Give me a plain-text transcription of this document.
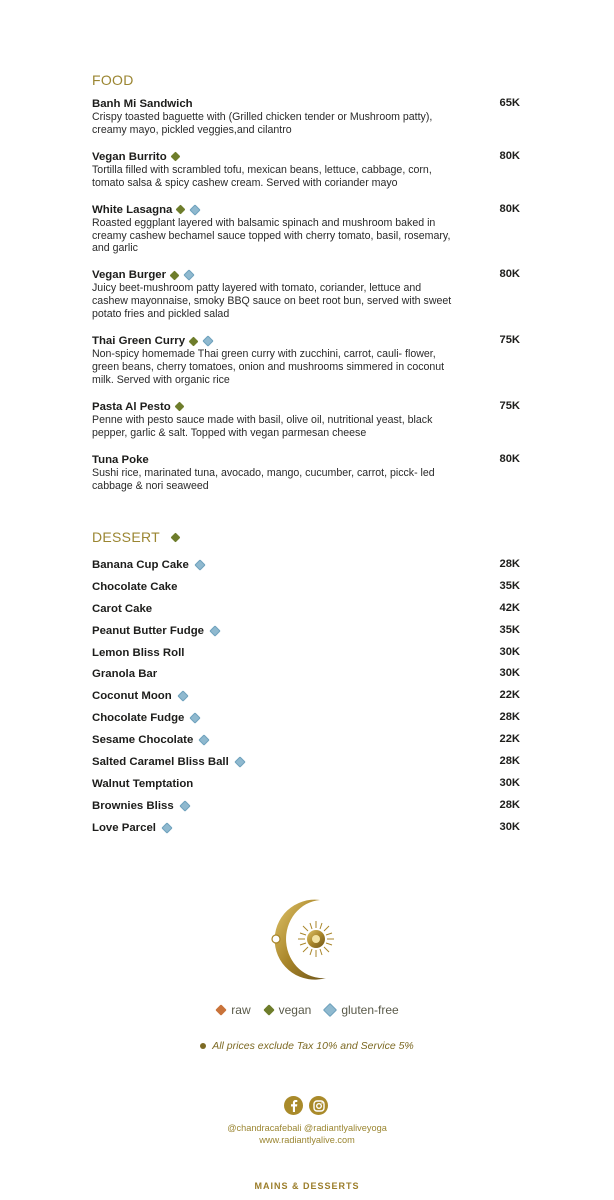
FOOD
Banh Mi Sandwich
Crispy toasted baguette with (Grilled chicken tender or Mushroom patty), creamy mayo, pickled veggies,and cilantro
65K
Vegan Burrito
Tortilla filled with scrambled tofu, mexican beans, lettuce, cabbage, corn, tomato salsa & spicy cashew cream. Served with coriander mayo
80K
White Lasagna
Roasted eggplant layered with balsamic spinach and mushroom baked in creamy cashew bechamel sauce topped with cherry tomato, basil, rosemary, and garlic
80K
Vegan Burger
Juicy beet-mushroom patty layered with tomato, coriander, lettuce and cashew mayonnaise, smoky BBQ sauce on beet root bun, served with sweet potato fries and pickled salad
80K
Thai Green Curry
Non-spicy homemade Thai green curry with zucchini, carrot, cauli- flower, green beans, cherry tomatoes, onion and mushrooms simmered in coconut milk. Served with organic rice
75K
Pasta Al Pesto
Penne with pesto sauce made with basil, olive oil, nutritional yeast, black pepper, garlic & salt. Topped with vegan parmesan cheese
75K
Tuna Poke
Sushi rice, marinated tuna, avocado, mango, cucumber, carrot, picck- led cabbage & nori seaweed
80K
DESSERT
Banana Cup Cake	28K
Chocolate Cake	35K
Carot Cake	42K
Peanut Butter Fudge	35K
Lemon Bliss Roll	30K
Granola Bar	30K
Coconut Moon	22K
Chocolate Fudge	28K
Sesame Chocolate	22K
Salted Caramel Bliss Ball	28K
Walnut Temptation	30K
Brownies Bliss	28K
Love Parcel	30K
raw vegan	gluten-free
All prices exclude Tax 10% and Service 5%
@chandracafebali @radiantlyaliveyoga
www.radiantlyalive.com
MAINS & DESSERTS
